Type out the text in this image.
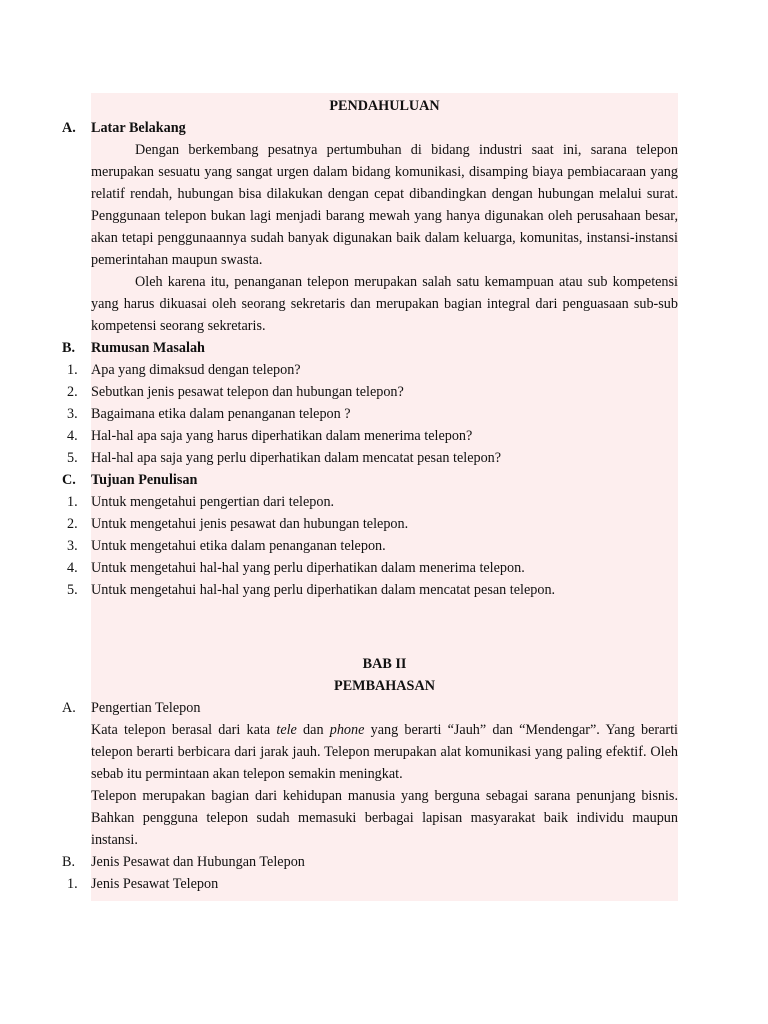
PENDAHULUAN
A.	Latar Belakang
Dengan berkembang pesatnya pertumbuhan di bidang industri saat ini, sarana telepon merupakan sesuatu yang sangat urgen dalam bidang komunikasi, disamping biaya pembiacaraan yang relatif rendah, hubungan bisa dilakukan dengan cepat dibandingkan dengan hubungan melalui surat. Penggunaan telepon bukan lagi menjadi barang mewah yang hanya digunakan oleh perusahaan besar, akan tetapi penggunaannya sudah banyak digunakan baik dalam keluarga, komunitas, instansi-instansi pemerintahan maupun swasta.
Oleh karena itu, penanganan telepon merupakan salah satu kemampuan atau sub kompetensi yang harus dikuasai oleh seorang sekretaris dan merupakan bagian integral dari penguasaan sub-sub kompetensi seorang sekretaris.
B.	Rumusan Masalah
1. Apa yang dimaksud dengan telepon?
2. Sebutkan jenis pesawat telepon dan hubungan telepon?
3. Bagaimana etika dalam penanganan telepon ?
4. Hal-hal apa saja yang harus diperhatikan dalam menerima telepon?
5. Hal-hal apa saja yang perlu diperhatikan dalam mencatat pesan telepon?
C.	Tujuan Penulisan
1. Untuk mengetahui pengertian dari telepon.
2. Untuk mengetahui jenis pesawat dan hubungan telepon.
3. Untuk mengetahui etika dalam penanganan telepon.
4. Untuk mengetahui hal-hal yang perlu diperhatikan dalam menerima telepon.
5. Untuk mengetahui hal-hal yang perlu diperhatikan dalam mencatat pesan telepon.
BAB II
PEMBAHASAN
A.	Pengertian Telepon
Kata telepon berasal dari kata tele dan phone yang berarti “Jauh” dan “Mendengar”. Yang berarti telepon berarti berbicara dari jarak jauh. Telepon merupakan alat komunikasi yang paling efektif. Oleh sebab itu permintaan akan telepon semakin meningkat.
Telepon merupakan bagian dari kehidupan manusia yang berguna sebagai sarana penunjang bisnis. Bahkan pengguna telepon sudah memasuki berbagai lapisan masyarakat baik individu maupun instansi.
B.	Jenis Pesawat dan Hubungan Telepon
1. Jenis Pesawat Telepon
